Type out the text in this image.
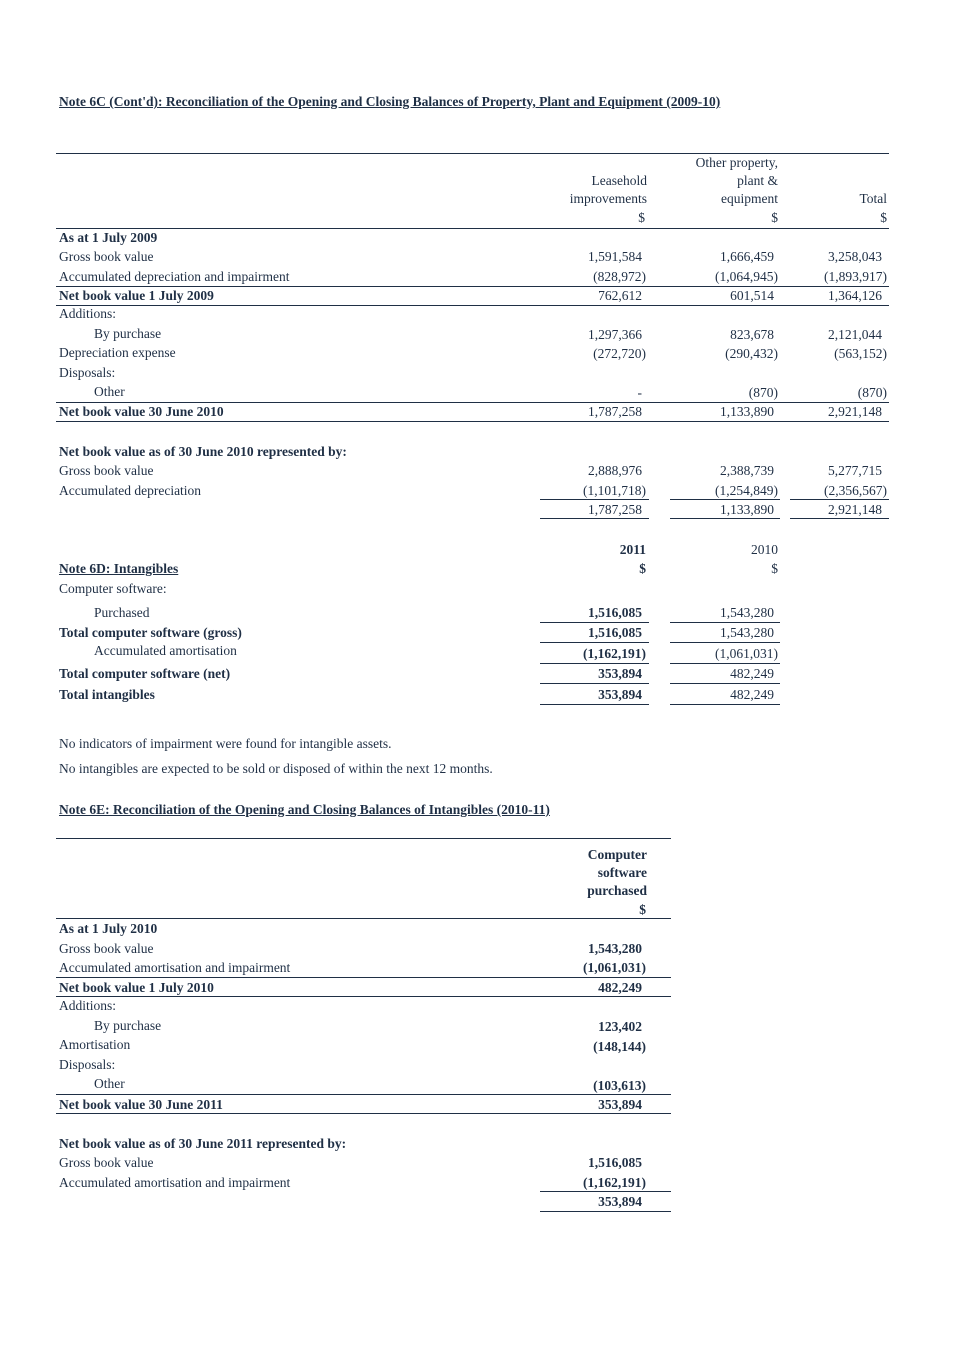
Note 6C (Cont'd): Reconciliation of the Opening and Closing Balances of Property, Plant and Equipment (2009-10)
Other property,
Leasehold	plant &
improvements	equipment	Total
$	$	$
As at 1 July 2009
Gross book value	1,591,584	1,666,459	3,258,043
Accumulated depreciation and impairment	(828,972)	(1,064,945)	(1,893,917)
Net book value 1 July 2009	762,612	601,514	1,364,126
Additions:
By purchase	1,297,366	823,678	2,121,044
Depreciation expense	(272,720)	(290,432)	(563,152)
Disposals:
Other	-	(870)	(870)
Net book value 30 June 2010	1,787,258	1,133,890	2,921,148
Net book value as of 30 June 2010 represented by:
Gross book value	2,888,976	2,388,739	5,277,715
Accumulated depreciation	(1,101,718)	(1,254,849)	(2,356,567)
1,787,258	1,133,890	2,921,148
2011	2010
Note 6D: Intangibles	$	$
Computer software:
Purchased	1,516,085	1,543,280
Total computer software (gross)	1,516,085	1,543,280
Accumulated amortisation	(1,162,191)	(1,061,031)
Total computer software (net)	353,894	482,249
Total intangibles	353,894	482,249
No indicators of impairment were found for intangible assets.
No intangibles are expected to be sold or disposed of within the next 12 months.
Note 6E: Reconciliation of the Opening and Closing Balances of Intangibles (2010-11)
Computer
software
purchased
$
As at 1 July 2010
Gross book value	1,543,280
Accumulated amortisation and impairment	(1,061,031)
Net book value 1 July 2010	482,249
Additions:
By purchase	123,402
Amortisation	(148,144)
Disposals:
Other	(103,613)
Net book value 30 June 2011	353,894
Net book value as of 30 June 2011 represented by:
Gross book value	1,516,085
Accumulated amortisation and impairment	(1,162,191)
353,894
